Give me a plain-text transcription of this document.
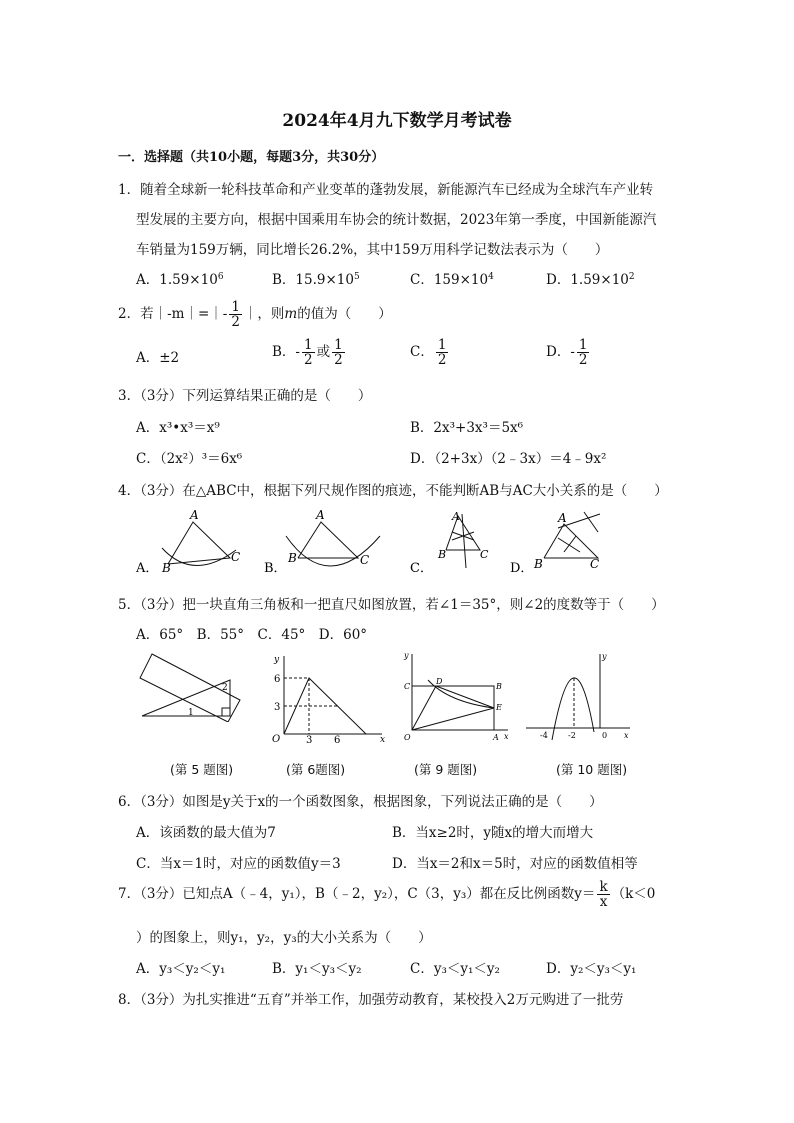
2024年4月九下数学月考试卷
一．选择题（共10小题，每题3分，共30分）
1．随着全球新一轮科技革命和产业变革的蓬勃发展，新能源汽车已经成为全球汽车产业转
型发展的主要方向，根据中国乘用车协会的统计数据，2023年第一季度，中国新能源汽
车销量为159万辆，同比增长26.2%，其中159万用科学记数法表示为（　　）
A．$1.59\times 10^6$	B．$15.9\times 10^5$	C．$159\times 10^4$	D．$1.59\times 10^2$
2．若｜-m｜=｜- $\frac{1}{2}$ ｜，则m的值为（　　）
A．±2	B．- $\frac{1}{2}$ 或 $\frac{1}{2}$	C． $\frac{1}{2}$	D．- $\frac{1}{2}$
3．（3分）下列运算结果正确的是（　　）
A．x³•x³＝x⁹	B．2x³+3x³＝5x⁶
C．（2x²）³＝6x⁶	D．（2+3x）（2﹣3x）＝4﹣9x²
4．（3分）在△ABC中，根据下列尺规作图的痕迹，不能判断AB与AC大小关系的是（　　）
A．
A
B
C
B．
A
B	C
C．
A
B	C
D．
A
B	C
5．（3分）把一块直角三角板和一把直尺如图放置，若∠1＝35°，则∠2的度数等于（　　）
A．65°　B．55°　C．45°　D．60°
1
2
(第 5 题图)
y
x
O
6
3
3 6
(第 6题图)
y
x
O
C
D
B
E
A
(第 9 题图)
y
x
0
-4	-2
(第 10 题图)
6．（3分）如图是y关于x的一个函数图象，根据图象，下列说法正确的是（　　）
A．该函数的最大值为7	B．当x≥2时，y随x的增大而增大
C．当x＝1时，对应的函数值y＝3	D．当x＝2和x＝5时，对应的函数值相等
7．（3分）已知点A（﹣4，y₁），B（﹣2，y₂），C（3，y₃）都在反比例函数$y= \frac{k}{x} (k<0$
）的图象上，则y₁，y₂，y₃的大小关系为（　　）
A．y₃＜y₂＜y₁	B．y₁＜y₃＜y₂	C．y₃＜y₁＜y₂	D．y₂＜y₃＜y₁
8．（3分）为扎实推进“五育”并举工作，加强劳动教育，某校投入2万元购进了一批劳
